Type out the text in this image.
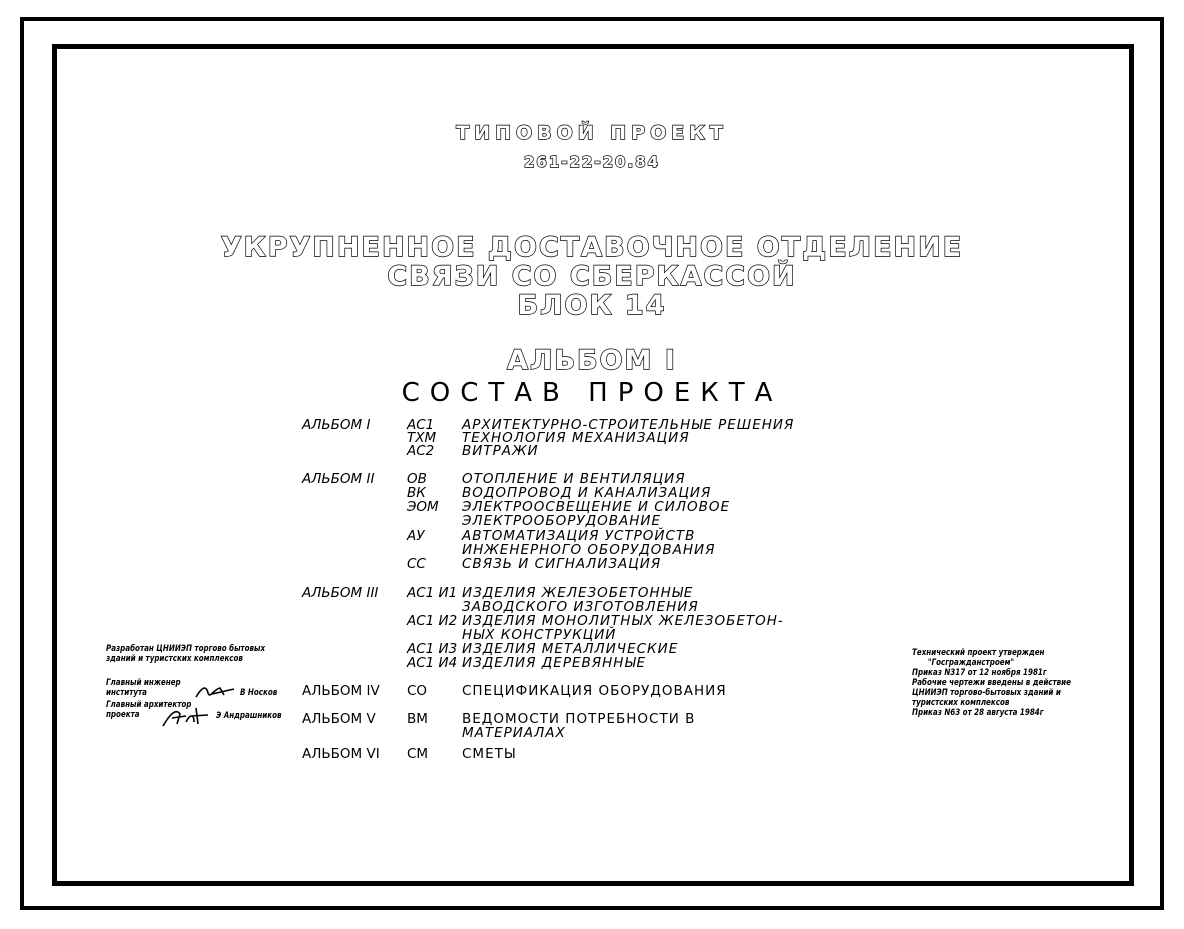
ТИПОВОЙ ПРОЕКТ
261-22-20.84
УКРУПНЕННОЕ ДОСТАВОЧНОЕ ОТДЕЛЕНИЕ
СВЯЗИ СО СБЕРКАССОЙ
БЛОК 14
АЛЬБОМ I
СОСТАВ ПРОЕКТА
АЛЬБОМ I	АС1 АРХИТЕКТУРНО-СТРОИТЕЛЬНЫЕ РЕШЕНИЯ
ТХМ ТЕХНОЛОГИЯ МЕХАНИЗАЦИЯ
АС2 ВИТРАЖИ
АЛЬБОМ II ОВ	ОТОПЛЕНИЕ И ВЕНТИЛЯЦИЯ
ВК	ВОДОПРОВОД И КАНАЛИЗАЦИЯ
ЭОМ ЭЛЕКТРООСВЕЩЕНИЕ И СИЛОВОЕ
ЭЛЕКТРООБОРУДОВАНИЕ
АУ	АВТОМАТИЗАЦИЯ УСТРОЙСТВ
ИНЖЕНЕРНОГО ОБОРУДОВАНИЯ
СС	СВЯЗЬ И СИГНАЛИЗАЦИЯ
АЛЬБОМ III АС1 И1 ИЗДЕЛИЯ ЖЕЛЕЗОБЕТОННЫЕ
ЗАВОДСКОГО ИЗГОТОВЛЕНИЯ
АС1 И2 ИЗДЕЛИЯ МОНОЛИТНЫХ ЖЕЛЕЗОБЕТОН-
НЫХ КОНСТРУКЦИЙ
АС1 И3 ИЗДЕЛИЯ МЕТАЛЛИЧЕСКИЕ
АС1 И4 ИЗДЕЛИЯ ДЕРЕВЯННЫЕ
АЛЬБОМ IV СО	СПЕЦИФИКАЦИЯ ОБОРУДОВАНИЯ
АЛЬБОМ V ВМ	ВЕДОМОСТИ ПОТРЕБНОСТИ В
МАТЕРИАЛАХ
АЛЬБОМ VI СМ	СМЕТЫ
Разработан ЦНИИЭП торгово бытовых
зданий и туристских комплексов
Главный инженер
института	В Носков
Главный архитектор
проекта	Э Андрашников
Технический проект утвержден
"Госгражданстроем"
Приказ N317 от 12 ноября 1981г
Рабочие чертежи введены в действие
ЦНИИЭП торгово-бытовых зданий и
туристских комплексов
Приказ N63 от 28 августа 1984г
